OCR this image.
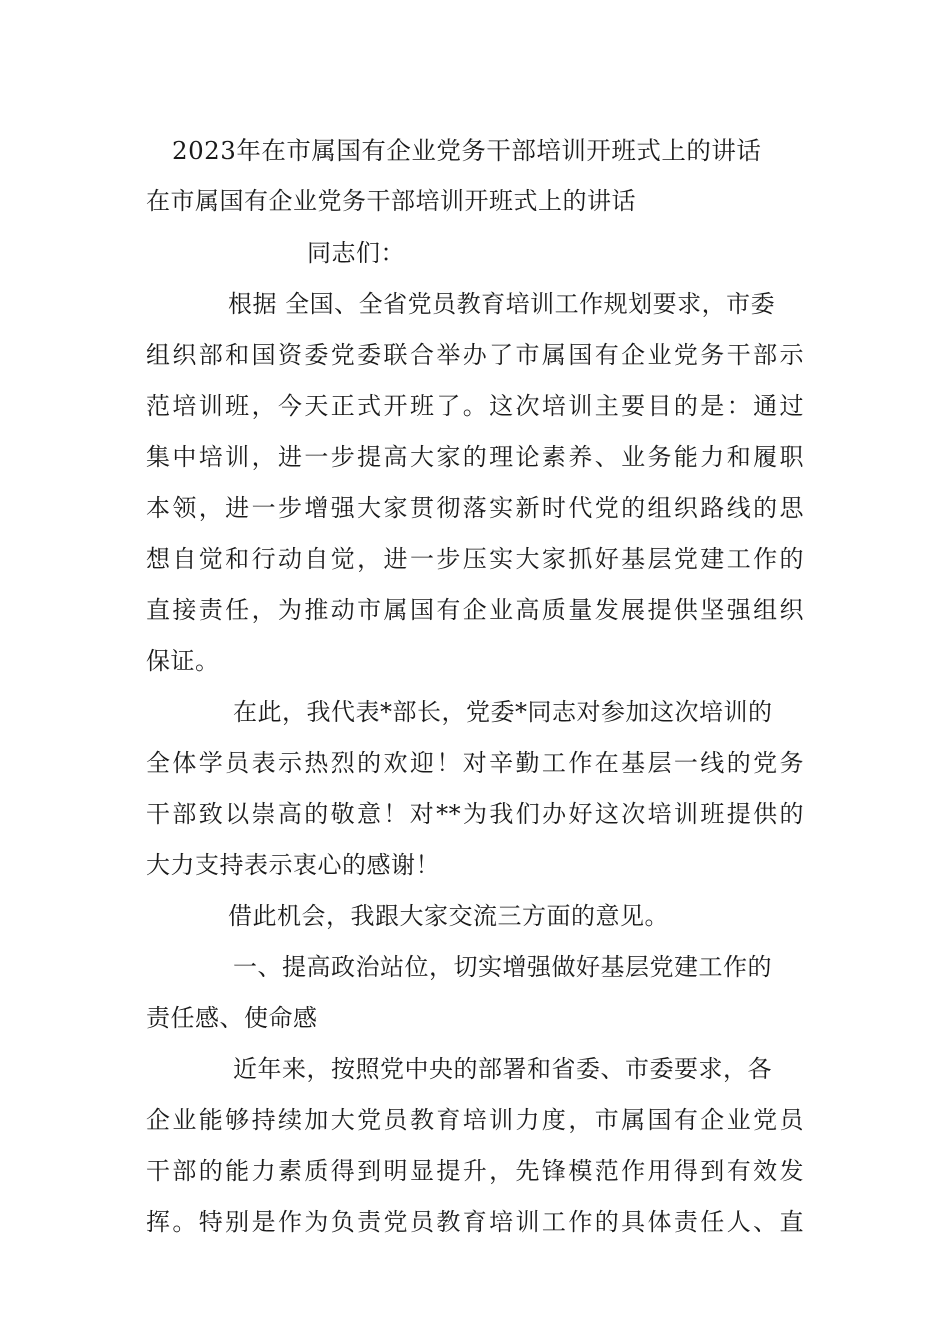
2023年在市属国有企业党务干部培训开班式上的讲话
在市属国有企业党务干部培训开班式上的讲话
同志们：
根据 全国、全省党员教育培训工作规划要求，市委
组织部和国资委党委联合举办了市属国有企业党务干部示
范培训班，今天正式开班了。这次培训主要目的是：通过
集中培训，进一步提高大家的理论素养、业务能力和履职
本领，进一步增强大家贯彻落实新时代党的组织路线的思
想自觉和行动自觉，进一步压实大家抓好基层党建工作的
直接责任，为推动市属国有企业高质量发展提供坚强组织
保证。
在此，我代表*部长，党委*同志对参加这次培训的
全体学员表示热烈的欢迎！对辛勤工作在基层一线的党务
干部致以崇高的敬意！对**为我们办好这次培训班提供的
大力支持表示衷心的感谢！
借此机会，我跟大家交流三方面的意见。
一、提高政治站位，切实增强做好基层党建工作的
责任感、使命感
近年来，按照党中央的部署和省委、市委要求，各
企业能够持续加大党员教育培训力度，市属国有企业党员
干部的能力素质得到明显提升，先锋模范作用得到有效发
挥。特别是作为负责党员教育培训工作的具体责任人、直
